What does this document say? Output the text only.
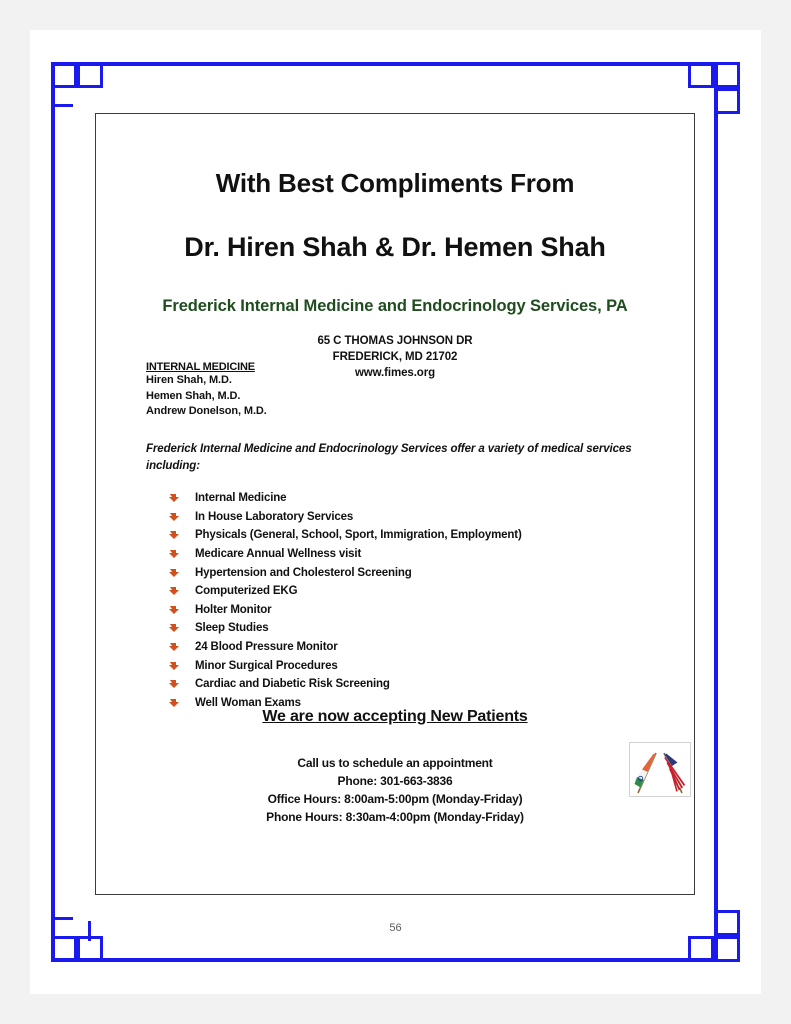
With Best Compliments From
Dr. Hiren Shah & Dr. Hemen Shah
Frederick Internal Medicine and Endocrinology Services, PA
65 C THOMAS JOHNSON DR
FREDERICK, MD 21702
www.fimes.org
INTERNAL MEDICINE
Hiren Shah, M.D.
Hemen Shah, M.D.
Andrew Donelson, M.D.
Frederick Internal Medicine and Endocrinology Services offer a variety of medical services including:
Internal Medicine
In House Laboratory Services
Physicals (General, School, Sport, Immigration, Employment)
Medicare Annual Wellness visit
Hypertension and Cholesterol Screening
Computerized EKG
Holter Monitor
Sleep Studies
24 Blood Pressure Monitor
Minor Surgical Procedures
Cardiac and Diabetic Risk Screening
Well Woman Exams
We are now accepting New Patients
Call us to schedule an appointment
Phone: 301-663-3836
Office Hours: 8:00am-5:00pm (Monday-Friday)
Phone Hours: 8:30am-4:00pm (Monday-Friday)
56
